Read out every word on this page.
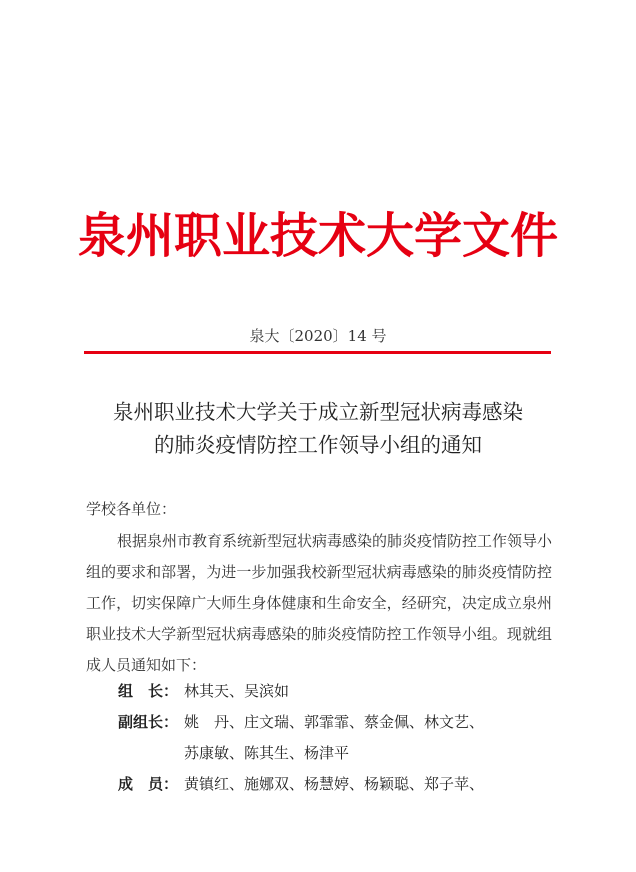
泉州职业技术大学文件
泉大〔2020〕14 号
泉州职业技术大学关于成立新型冠状病毒感染
的肺炎疫情防控工作领导小组的通知
学校各单位：

根据泉州市教育系统新型冠状病毒感染的肺炎疫情防控工作领导小组的要求和部署，为进一步加强我校新型冠状病毒感染的肺炎疫情防控工作，切实保障广大师生身体健康和生命安全，经研究，决定成立泉州职业技术大学新型冠状病毒感染的肺炎疫情防控工作领导小组。现就组成人员通知如下：

组　长： 林其天、吴滨如
副组长： 姚　丹、庄文瑞、郭霏霏、蔡金佩、林文艺、
苏康敏、陈其生、杨津平
成　员： 黄镇红、施娜双、杨慧婷、杨颖聪、郑子苹、
